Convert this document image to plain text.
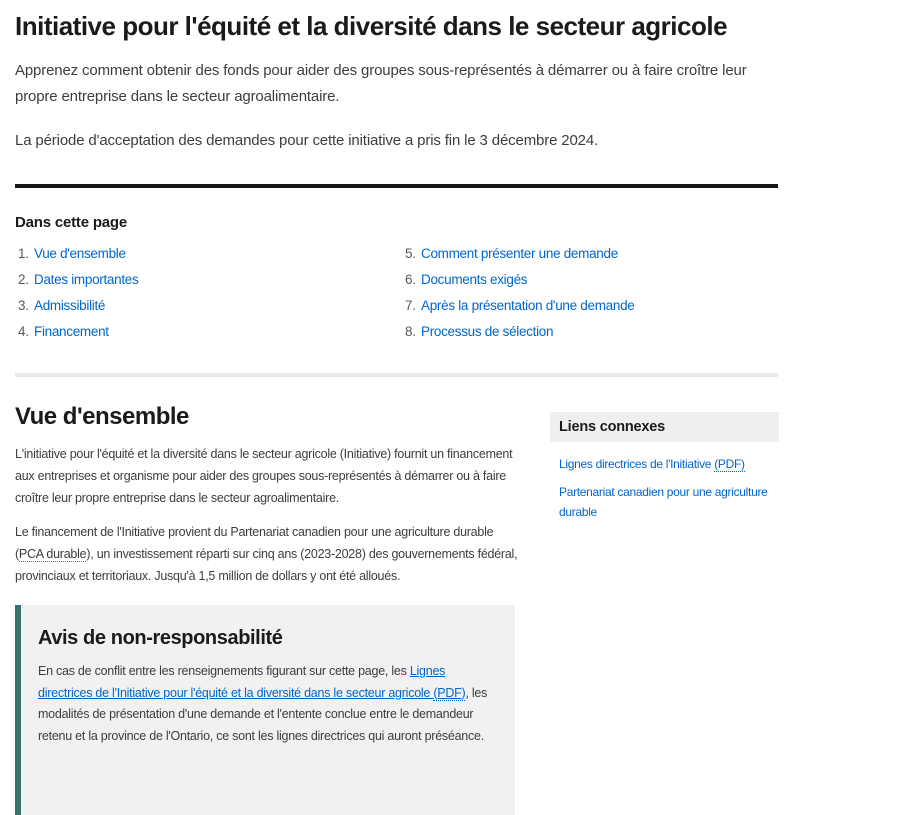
Initiative pour l'équité et la diversité dans le secteur agricole

Apprenez comment obtenir des fonds pour aider des groupes sous-représentés à démarrer ou à faire croître leur propre entreprise dans le secteur agroalimentaire.

La période d'acceptation des demandes pour cette initiative a pris fin le 3 décembre 2024.

Dans cette page
1. Vue d'ensemble
2. Dates importantes
3. Admissibilité
4. Financement
5. Comment présenter une demande
6. Documents exigés
7. Après la présentation d'une demande
8. Processus de sélection
Vue d'ensemble

L'initiative pour l'équité et la diversité dans le secteur agricole (Initiative) fournit un financement aux entreprises et organisme pour aider des groupes sous-représentés à démarrer ou à faire croître leur propre entreprise dans le secteur agroalimentaire.

Le financement de l'Initiative provient du Partenariat canadien pour une agriculture durable (PCA durable), un investissement réparti sur cinq ans (2023-2028) des gouvernements fédéral, provinciaux et territoriaux. Jusqu'à 1,5 million de dollars y ont été alloués.

Avis de non-responsabilité

En cas de conflit entre les renseignements figurant sur cette page, les Lignes directrices de l'Initiative pour l'équité et la diversité dans le secteur agricole (PDF), les modalités de présentation d'une demande et l'entente conclue entre le demandeur retenu et la province de l'Ontario, ce sont les lignes directrices qui auront préséance.

Liens connexes
Lignes directrices de l'Initiative (PDF)
Partenariat canadien pour une agriculture durable
